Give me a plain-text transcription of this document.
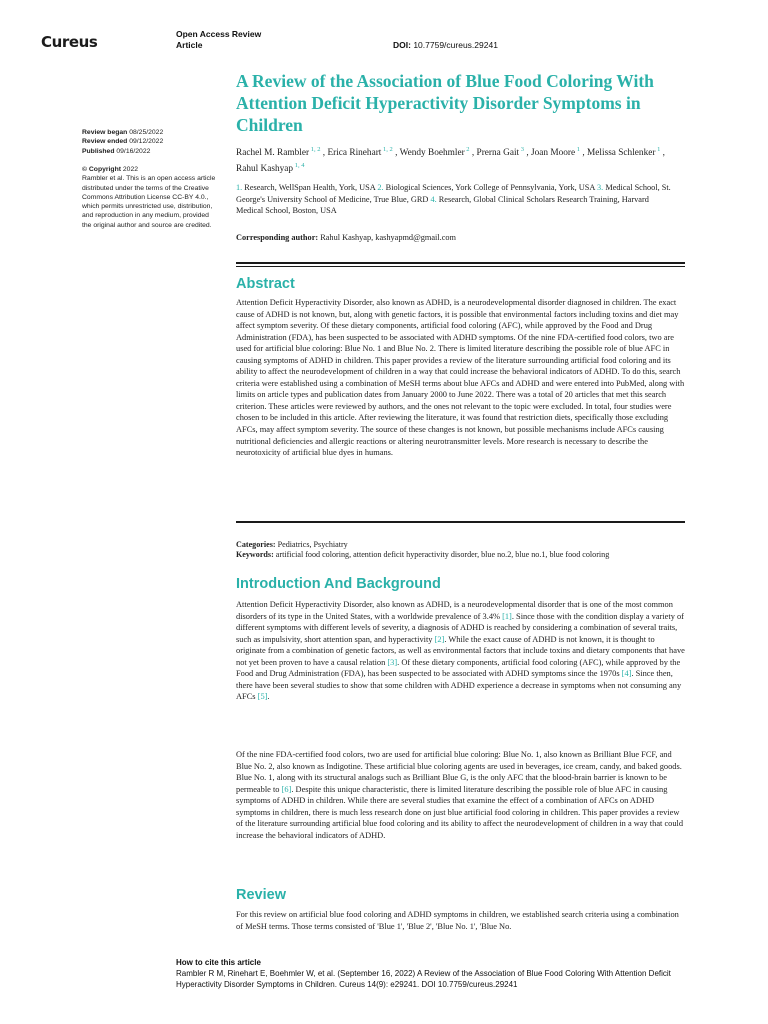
Cureus	Open Access Review
Article	DOI: 10.7759/cureus.29241
A Review of the Association of Blue Food Coloring With Attention Deficit Hyperactivity Disorder Symptoms in Children
Review began 08/25/2022
Review ended 09/12/2022
Published 09/16/2022
© Copyright 2022
Rambler et al. This is an open access article distributed under the terms of the Creative Commons Attribution License CC-BY 4.0., which permits unrestricted use, distribution, and reproduction in any medium, provided the original author and source are credited.
Rachel M. Rambler $^{1, 2}$ , Erica Rinehart $^{1, 2}$ , Wendy Boehmler $^2$ , Prerna Gait $^3$ , Joan Moore $^1$ , Melissa Schlenker $^1$ , Rahul Kashyap $^{1, 4}$
1. Research, WellSpan Health, York, USA 2. Biological Sciences, York College of Pennsylvania, York, USA 3. Medical School, St. George's University School of Medicine, True Blue, GRD 4. Research, Global Clinical Scholars Research Training, Harvard Medical School, Boston, USA
Corresponding author: Rahul Kashyap, kashyapmd@gmail.com
Abstract

Attention Deficit Hyperactivity Disorder, also known as ADHD, is a neurodevelopmental disorder diagnosed in children. The exact cause of ADHD is not known, but, along with genetic factors, it is possible that environmental factors including toxins and diet may affect symptom severity. Of these dietary components, artificial food coloring (AFC), while approved by the Food and Drug Administration (FDA), has been suspected to be associated with ADHD symptoms. Of the nine FDA-certified food colors, two are used for artificial blue coloring: Blue No. 1 and Blue No. 2. There is limited literature describing the possible role of blue AFC in causing symptoms of ADHD in children. This paper provides a review of the literature surrounding artificial food coloring and its ability to affect the neurodevelopment of children in a way that could increase the behavioral indicators of ADHD. To do this, search criteria were established using a combination of MeSH terms about blue AFCs and ADHD and were entered into PubMed, along with limits on article types and publication dates from January 2000 to June 2022. There was a total of 20 articles that met this search criterion. These articles were reviewed by authors, and the ones not relevant to the topic were excluded. In total, four studies were chosen to be included in this article. After reviewing the literature, it was found that restriction diets, specifically those excluding AFCs, may affect symptom severity. The source of these changes is not known, but possible mechanisms include AFCs causing nutritional deficiencies and allergic reactions or altering neurotransmitter levels. More research is necessary to describe the neurotoxicity of artificial blue dyes in humans.

Categories: Pediatrics, Psychiatry
Keywords: artificial food coloring, attention deficit hyperactivity disorder, blue no.2, blue no.1, blue food coloring
Introduction And Background

Attention Deficit Hyperactivity Disorder, also known as ADHD, is a neurodevelopmental disorder that is one of the most common disorders of its type in the United States, with a worldwide prevalence of 3.4% [1]. Since those with the condition display a variety of different symptoms with different levels of severity, a diagnosis of ADHD is reached by considering a combination of several traits, such as impulsivity, short attention span, and hyperactivity [2]. While the exact cause of ADHD is not known, it is thought to originate from a combination of genetic factors, as well as environmental factors that include toxins and dietary components that have not yet been proven to have a causal relation [3]. Of these dietary components, artificial food coloring (AFC), while approved by the Food and Drug Administration (FDA), has been suspected to be associated with ADHD symptoms since the 1970s [4]. Since then, there have been several studies to show that some children with ADHD experience a decrease in symptoms when not consuming any AFCs [5].

Of the nine FDA-certified food colors, two are used for artificial blue coloring: Blue No. 1, also known as Brilliant Blue FCF, and Blue No. 2, also known as Indigotine. These artificial blue coloring agents are used in beverages, ice cream, candy, and baked goods. Blue No. 1, along with its structural analogs such as Brilliant Blue G, is the only AFC that the blood-brain barrier is known to be permeable to [6]. Despite this unique characteristic, there is limited literature describing the possible role of blue AFC in causing symptoms of ADHD in children. While there are several studies that examine the effect of a combination of AFCs on ADHD symptoms in children, there is much less research done on just blue artificial food coloring in children. This paper provides a review of the literature surrounding artificial blue food coloring and its ability to affect the neurodevelopment of children in a way that could increase the behavioral indicators of ADHD.

Review

For this review on artificial blue food coloring and ADHD symptoms in children, we established search criteria using a combination of MeSH terms. Those terms consisted of 'Blue 1', 'Blue 2', 'Blue No. 1', 'Blue No.

How to cite this article
Rambler R M, Rinehart E, Boehmler W, et al. (September 16, 2022) A Review of the Association of Blue Food Coloring With Attention Deficit Hyperactivity Disorder Symptoms in Children. Cureus 14(9): e29241. DOI 10.7759/cureus.29241
